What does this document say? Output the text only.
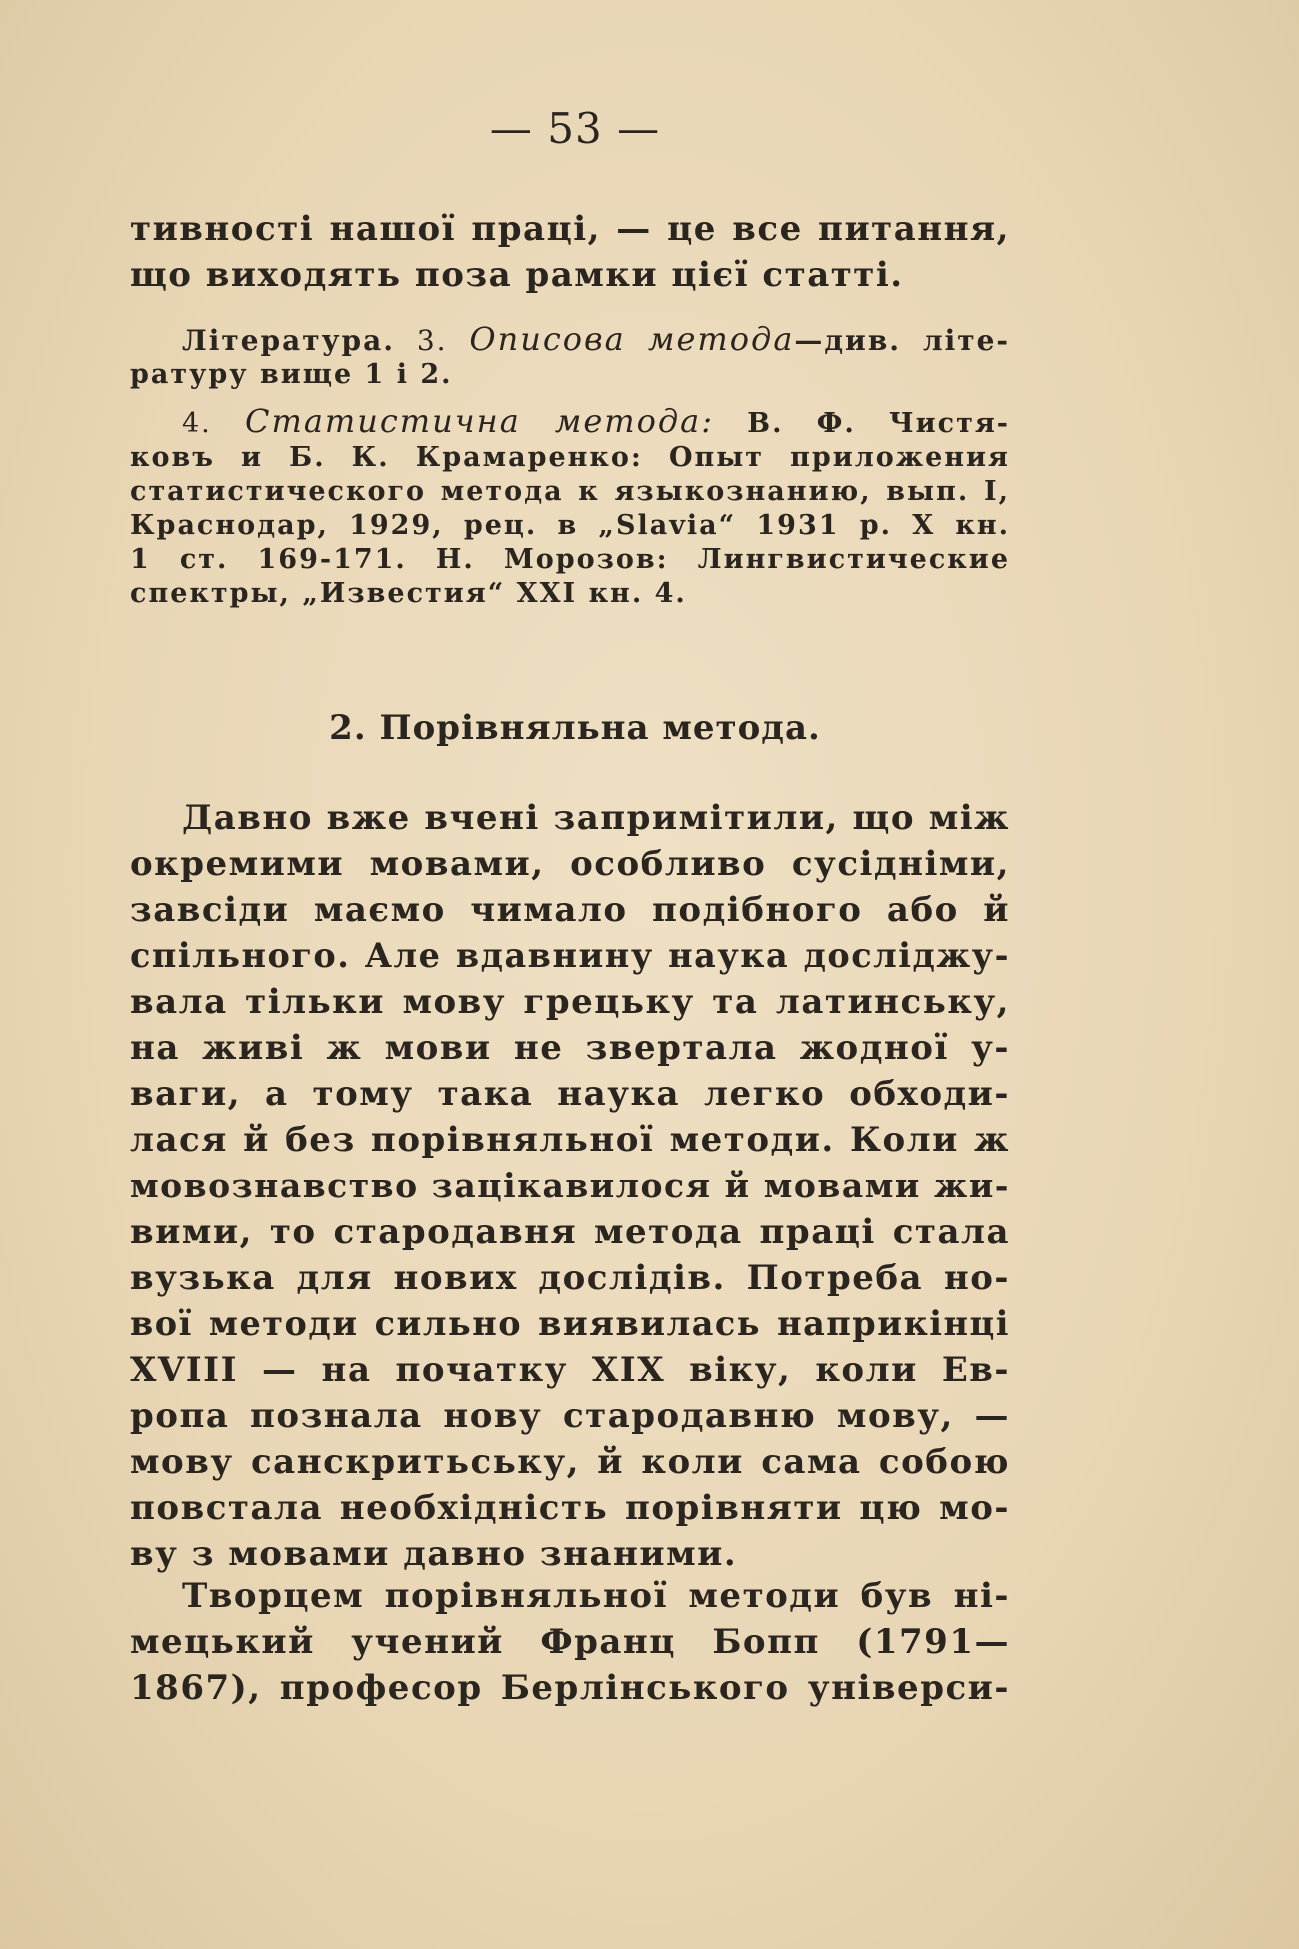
— 53 —
тивності нашої праці, — це все питання,
що виходять поза рамки цієї статті.
Література. 3. Описова метода—див. літе-
ратуру вище 1 і 2.
4. Статистична метода: В. Ф. Чистя-
ковъ и Б. К. Крамаренко: Опыт приложения
статистического метода к языкознанию, вып. I,
Краснодар, 1929, рец. в „Slavia“ 1931 р. X кн.
1 ст. 169-171. Н. Морозов: Лингвистические
спектры, „Известия“ XXI кн. 4.
2. Порівняльна метода.
Давно вже вчені запримітили, що між
окремими мовами, особливо сусідніми,
завсіди маємо чимало подібного або й
спільного. Але вдавнину наука досліджу-
вала тільки мову грецьку та латинську,
на живі ж мови не звертала жодної у-
ваги, а тому така наука легко обходи-
лася й без порівняльної методи. Коли ж
мовознавство зацікавилося й мовами жи-
вими, то стародавня метода праці стала
вузька для нових дослідів. Потреба но-
вої методи сильно виявилась наприкінці
XVIII — на початку XIX віку, коли Ев-
ропа познала нову стародавню мову, —
мову санскритьську, й коли сама собою
повстала необхідність порівняти цю мо-
ву з мовами давно знаними.
Творцем порівняльної методи був ні-
мецький учений Франц Бопп (1791—
1867), професор Берлінського універси-
